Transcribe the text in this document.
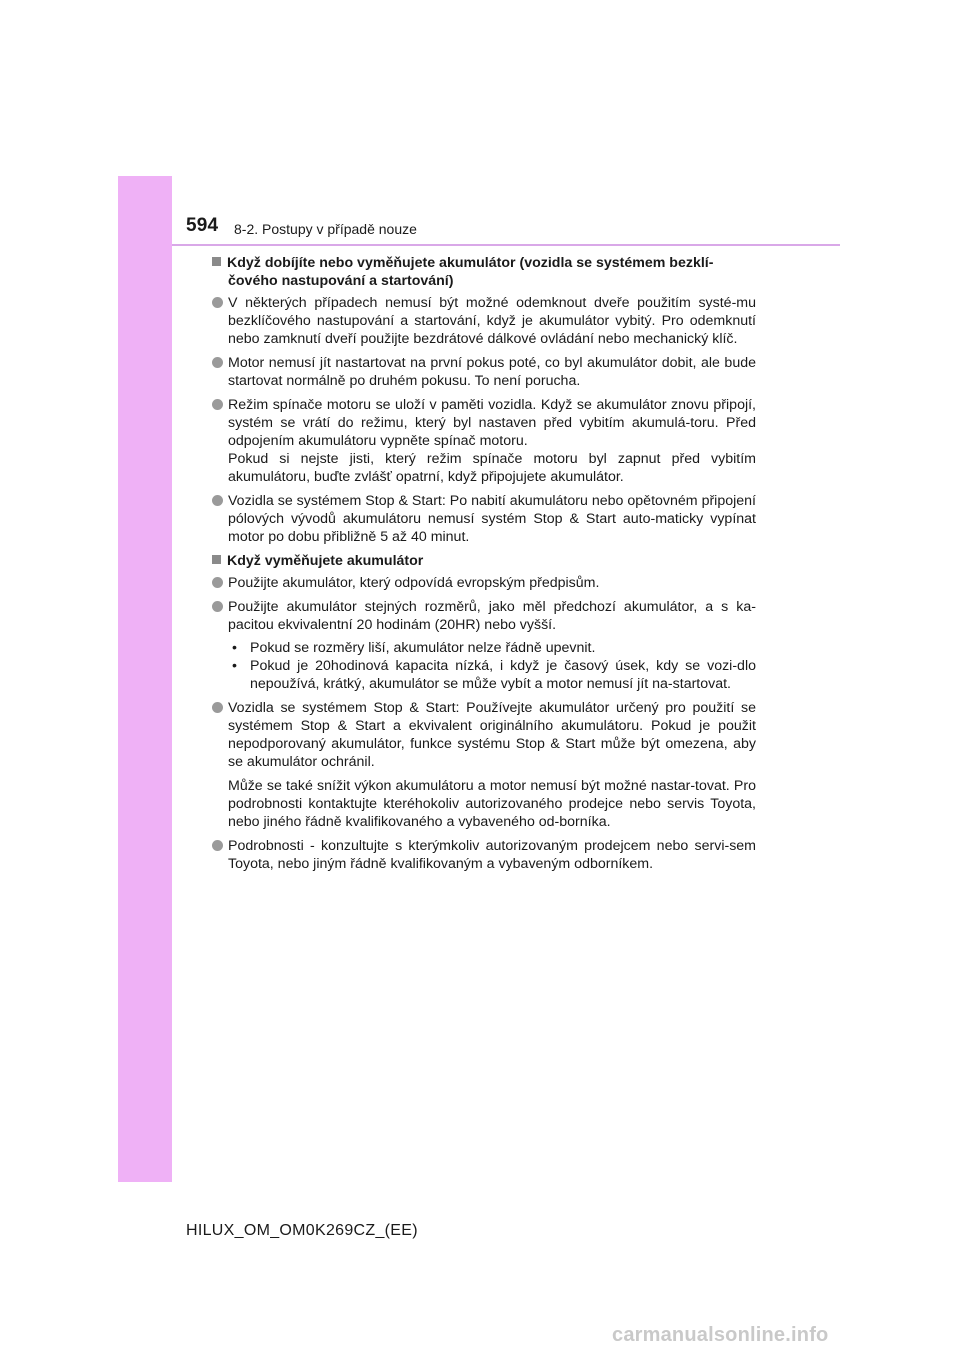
594 8-2. Postupy v případě nouze
Když dobíjíte nebo vyměňujete akumulátor (vozidla se systémem bezklí-čového nastupování a startování)

V některých případech nemusí být možné odemknout dveře použitím systé-mu bezklíčového nastupování a startování, když je akumulátor vybitý. Pro odemknutí nebo zamknutí dveří použijte bezdrátové dálkové ovládání nebo mechanický klíč.

Motor nemusí jít nastartovat na první pokus poté, co byl akumulátor dobit, ale bude startovat normálně po druhém pokusu. To není porucha.

Režim spínače motoru se uloží v paměti vozidla. Když se akumulátor znovu připojí, systém se vrátí do režimu, který byl nastaven před vybitím akumulá-toru. Před odpojením akumulátoru vypněte spínač motoru.

Pokud si nejste jisti, který režim spínače motoru byl zapnut před vybitím akumulátoru, buďte zvlášť opatrní, když připojujete akumulátor.

Vozidla se systémem Stop & Start: Po nabití akumulátoru nebo opětovném připojení pólových vývodů akumulátoru nemusí systém Stop & Start auto-maticky vypínat motor po dobu přibližně 5 až 40 minut.

Když vyměňujete akumulátor

Použijte akumulátor, který odpovídá evropským předpisům.

Použijte akumulátor stejných rozměrů, jako měl předchozí akumulátor, a s ka-pacitou ekvivalentní 20 hodinám (20HR) nebo vyšší.

• Pokud se rozměry liší, akumulátor nelze řádně upevnit.
• Pokud je 20hodinová kapacita nízká, i když je časový úsek, kdy se vozi-dlo nepoužívá, krátký, akumulátor se může vybít a motor nemusí jít na-startovat.

Vozidla se systémem Stop & Start: Používejte akumulátor určený pro použití se systémem Stop & Start a ekvivalent originálního akumulátoru. Pokud je použit nepodporovaný akumulátor, funkce systému Stop & Start může být omezena, aby se akumulátor ochránil.

Může se také snížit výkon akumulátoru a motor nemusí být možné nastar-tovat. Pro podrobnosti kontaktujte kteréhokoliv autorizovaného prodejce nebo servis Toyota, nebo jiného řádně kvalifikovaného a vybaveného od-borníka.

Podrobnosti - konzultujte s kterýmkoliv autorizovaným prodejcem nebo servi-sem Toyota, nebo jiným řádně kvalifikovaným a vybaveným odborníkem.

HILUX_OM_OM0K269CZ_(EE)
carmanualsonline.info
